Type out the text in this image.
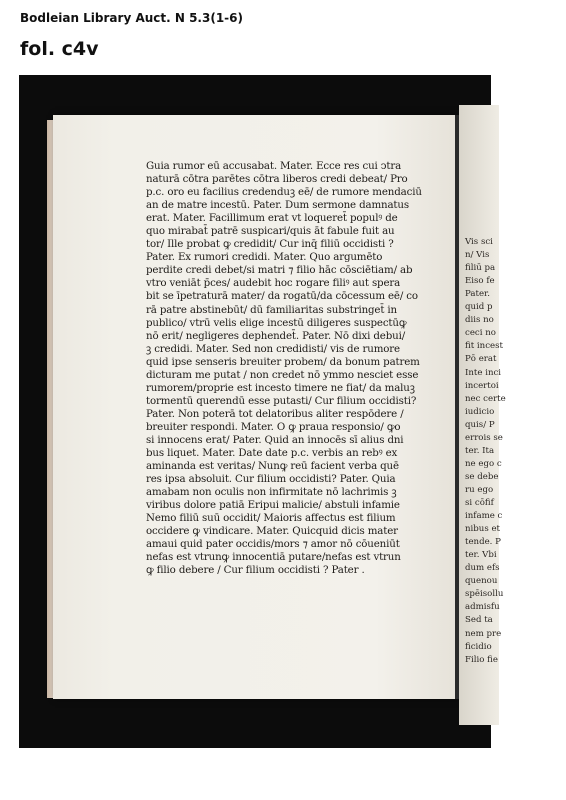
Bodleian Library Auct. N 5.3(1-6)
fol. c4v
Guia rumor eū accusabat. Mater. Ecce res cui ↄtra
naturā cōtra parētes cōtra liberos credi debeat/ Pro
p.c. oro eu facilius credenduꝫ eē/ de rumore mendaciū
an de matre incestū. Pater. Dum sermone damnatus
erat. Mater. Facillimum erat vt loqueret̄ populꝰ de
quo mirabat̄ patrē suspicari/quis āt fabule fuit au
tor/ Ille probat ꝙ credidit/ Cur inq̄ filiū occidisti ?
Pater. Ex rumori credidi. Mater. Quo argumēto
perdite credi debet/si matri ⁊ filio hāc cōsciētiam/ ab
vtro veniāt p̄ces/ audebit hoc rogare filiꝰ aut spera
bit se īpetraturā mater/ da rogatū/da cōcessum eē/ co
rā patre abstinebūt/ dū familiaritas substringet̄ in
publico/ vtrū velis elige incestū diligeres suspectūꝙ
nō erit/ negligeres dephendet̄. Pater. Nō dixi debui/
ꝫ credidi. Mater. Sed non credidisti/ vis de rumore
quid ipse senseris breuiter probem/ da bonum patrem
dicturam me putat / non credet nō ymmo nesciet esse
rumorem/proprie est incesto timere ne fiat/ da maluꝫ
tormentū querendū esse putasti/ Cur filium occidisti?
Pater. Non poterā tot delatoribus aliter respōdere /
breuiter respondi. Mater. O ꝙ praua responsio/ ꝙo
si innocens erat/ Pater. Quid an innocēs sī alius dni
bus liquet. Mater. Date date p.c. verbis an rebꝰ ex
aminanda est veritas/ Nunꝙ reū facient verba quē
res ipsa absoluit. Cur filium occidisti? Pater. Quia
amabam non oculis non infirmitate nō lachrimis ꝫ
viribus dolore patiā Eripui malicie/ abstuli infamie
Nemo filiū suū occidit/ Maioris affectus est filium
occidere ꝙ vindicare. Mater. Quicquid dicis mater
amaui quid pater occidis/mors ⁊ amor nō cōueniūt
nefas est vtrunꝙ innocentiā putare/nefas est vtrun
ꝙ filio debere / Cur filium occidisti ? Pater .
Vis sci
n/ Vis
filiū pa
Eiso fe
Pater.
quid p
diis no
ceci no
fit incest
Pō erat
Inte inci
incertoi
nec certe
iudicio
quis/ P
errois se
ter. Ita
ne ego c
se debe
ru ego
si cōfif
infame c
nibus et
tende. P
ter. Vbi
dum efs
quenou
spēisollu
admisfu
Sed ta
nem pre
ficidio
Filio fie
